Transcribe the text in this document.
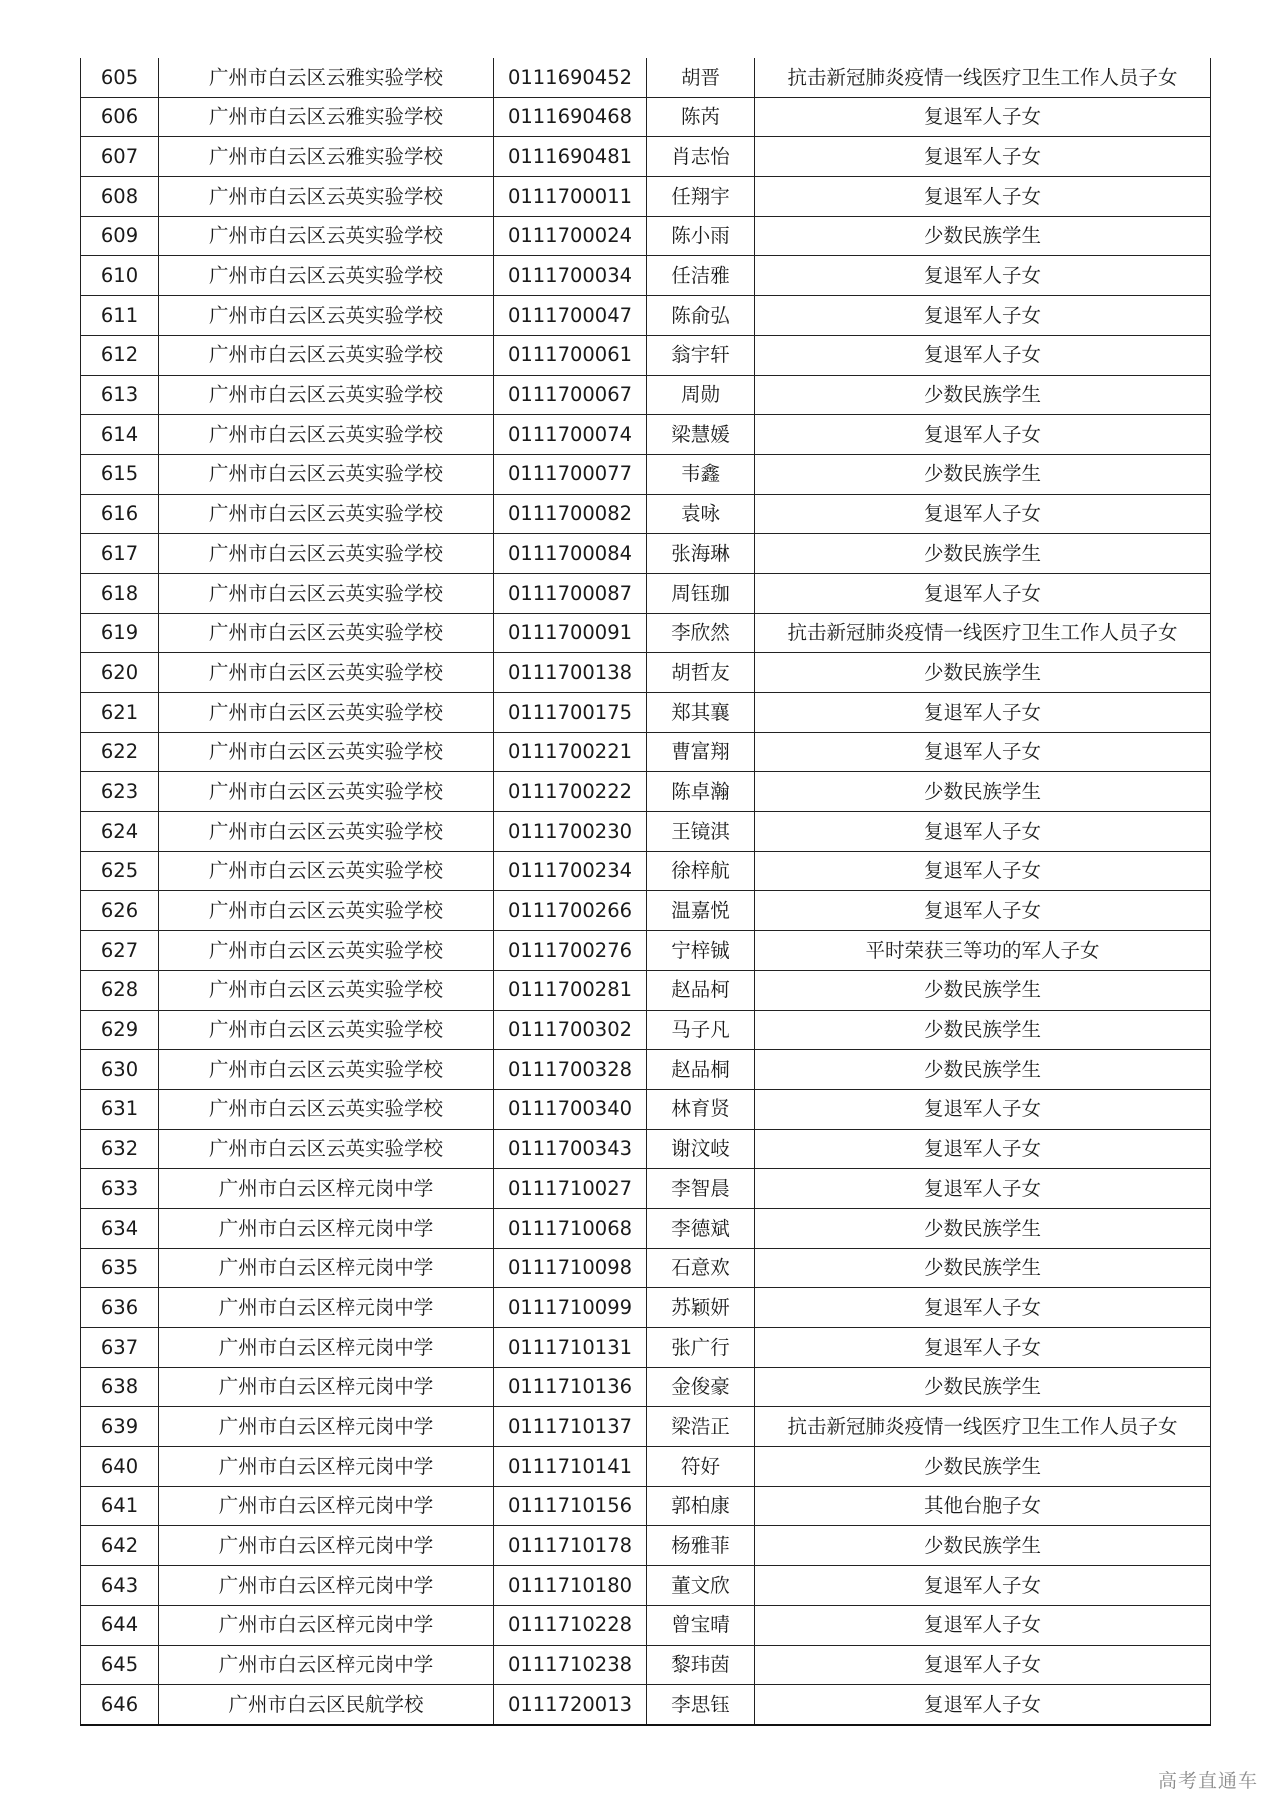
605	广州市白云区云雅实验学校	0111690452	胡晋	抗击新冠肺炎疫情一线医疗卫生工作人员子女
606	广州市白云区云雅实验学校	0111690468	陈芮	复退军人子女
607	广州市白云区云雅实验学校	0111690481	肖志怡	复退军人子女
608	广州市白云区云英实验学校	0111700011	任翔宇	复退军人子女
609	广州市白云区云英实验学校	0111700024	陈小雨	少数民族学生
610	广州市白云区云英实验学校	0111700034	任洁雅	复退军人子女
611	广州市白云区云英实验学校	0111700047	陈俞弘	复退军人子女
612	广州市白云区云英实验学校	0111700061	翁宇轩	复退军人子女
613	广州市白云区云英实验学校	0111700067	周勋	少数民族学生
614	广州市白云区云英实验学校	0111700074	梁慧媛	复退军人子女
615	广州市白云区云英实验学校	0111700077	韦鑫	少数民族学生
616	广州市白云区云英实验学校	0111700082	袁咏	复退军人子女
617	广州市白云区云英实验学校	0111700084	张海琳	少数民族学生
618	广州市白云区云英实验学校	0111700087	周钰珈	复退军人子女
619	广州市白云区云英实验学校	0111700091	李欣然	抗击新冠肺炎疫情一线医疗卫生工作人员子女
620	广州市白云区云英实验学校	0111700138	胡哲友	少数民族学生
621	广州市白云区云英实验学校	0111700175	郑其襄	复退军人子女
622	广州市白云区云英实验学校	0111700221	曹富翔	复退军人子女
623	广州市白云区云英实验学校	0111700222	陈卓瀚	少数民族学生
624	广州市白云区云英实验学校	0111700230	王镜淇	复退军人子女
625	广州市白云区云英实验学校	0111700234	徐梓航	复退军人子女
626	广州市白云区云英实验学校	0111700266	温嘉悦	复退军人子女
627	广州市白云区云英实验学校	0111700276	宁梓铖	平时荣获三等功的军人子女
628	广州市白云区云英实验学校	0111700281	赵品柯	少数民族学生
629	广州市白云区云英实验学校	0111700302	马子凡	少数民族学生
630	广州市白云区云英实验学校	0111700328	赵品桐	少数民族学生
631	广州市白云区云英实验学校	0111700340	林育贤	复退军人子女
632	广州市白云区云英实验学校	0111700343	谢汶岐	复退军人子女
633	广州市白云区梓元岗中学	0111710027	李智晨	复退军人子女
634	广州市白云区梓元岗中学	0111710068	李德斌	少数民族学生
635	广州市白云区梓元岗中学	0111710098	石意欢	少数民族学生
636	广州市白云区梓元岗中学	0111710099	苏颖妍	复退军人子女
637	广州市白云区梓元岗中学	0111710131	张广行	复退军人子女
638	广州市白云区梓元岗中学	0111710136	金俊豪	少数民族学生
639	广州市白云区梓元岗中学	0111710137	梁浩正	抗击新冠肺炎疫情一线医疗卫生工作人员子女
640	广州市白云区梓元岗中学	0111710141	符好	少数民族学生
641	广州市白云区梓元岗中学	0111710156	郭柏康	其他台胞子女
642	广州市白云区梓元岗中学	0111710178	杨雅菲	少数民族学生
643	广州市白云区梓元岗中学	0111710180	董文欣	复退军人子女
644	广州市白云区梓元岗中学	0111710228	曾宝晴	复退军人子女
645	广州市白云区梓元岗中学	0111710238	黎玮茵	复退军人子女
646	广州市白云区民航学校	0111720013	李思钰	复退军人子女
高考直通车
